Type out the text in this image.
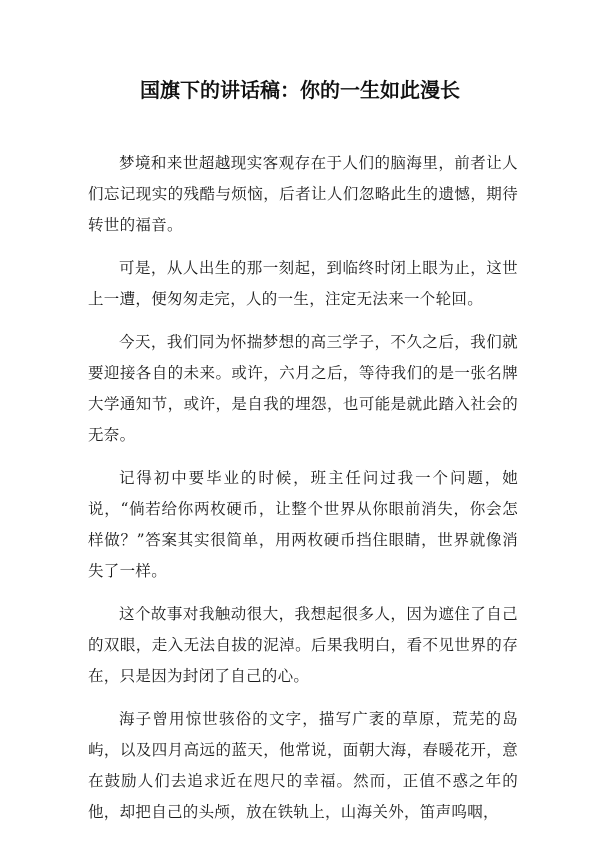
国旗下的讲话稿：你的一生如此漫长

梦境和来世超越现实客观存在于人们的脑海里，前者让人们忘记现实的残酷与烦恼，后者让人们忽略此生的遗憾，期待转世的福音。

可是，从人出生的那一刻起，到临终时闭上眼为止，这世上一遭，便匆匆走完，人的一生，注定无法来一个轮回。

今天，我们同为怀揣梦想的高三学子，不久之后，我们就要迎接各自的未来。或许，六月之后，等待我们的是一张名牌大学通知节，或许，是自我的埋怨，也可能是就此踏入社会的无奈。

记得初中要毕业的时候，班主任问过我一个问题，她说，“倘若给你两枚硬币，让整个世界从你眼前消失，你会怎样做？”答案其实很简单，用两枚硬币挡住眼睛，世界就像消失了一样。

这个故事对我触动很大，我想起很多人，因为遮住了自己的双眼，走入无法自拔的泥淖。后果我明白，看不见世界的存在，只是因为封闭了自己的心。

海子曾用惊世骇俗的文字，描写广袤的草原，荒芜的岛屿，以及四月高远的蓝天，他常说，面朝大海，春暖花开，意在鼓励人们去追求近在咫尺的幸福。然而，正值不惑之年的他，却把自己的头颅，放在铁轨上，山海关外，笛声呜咽，
